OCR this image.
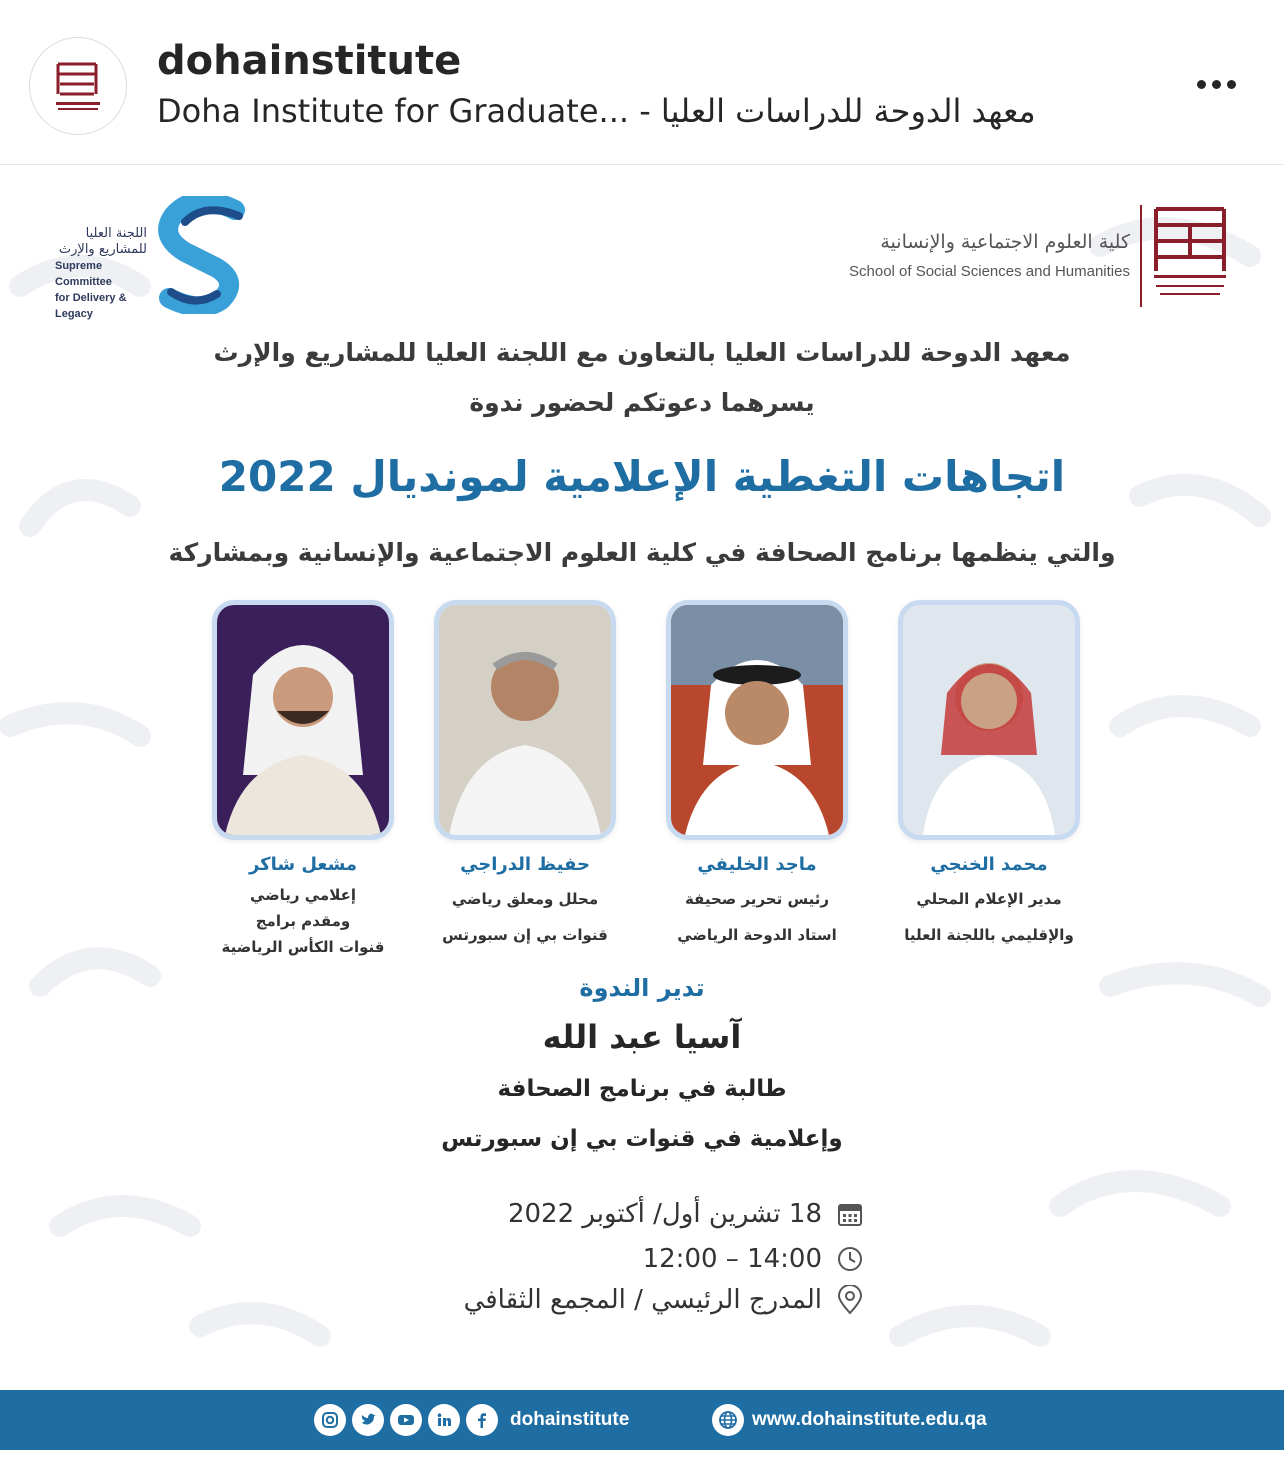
dohainstitute
Doha Institute for Graduate... - معهد الدوحة للدراسات العليا
اللجنة العليا للمشاريع والإرث
Supreme Committee
for Delivery & Legacy
كلية العلوم الاجتماعية والإنسانية
School of Social Sciences and Humanities
معهد الدوحة للدراسات العليا بالتعاون مع اللجنة العليا للمشاريع والإرث
يسرهما دعوتكم لحضور ندوة
اتجاهات التغطية الإعلامية لمونديال 2022
والتي ينظمها برنامج الصحافة في كلية العلوم الاجتماعية والإنسانية وبمشاركة
محمد الخنجي
مدير الإعلام المحلي
والإقليمي باللجنة العليا
ماجد الخليفي
رئيس تحرير صحيفة
استاد الدوحة الرياضي
حفيظ الدراجي
محلل ومعلق رياضي
قنوات بي إن سبورتس
مشعل شاكر
إعلامي رياضي
ومقدم برامج
قنوات الكأس الرياضية
تدير الندوة
آسيا عبد الله
طالبة في برنامج الصحافة
وإعلامية في قنوات بي إن سبورتس
18 تشرين أول/ أكتوبر 2022
14:00 – 12:00
المدرج الرئيسي / المجمع الثقافي
dohainstitute	www.dohainstitute.edu.qa
